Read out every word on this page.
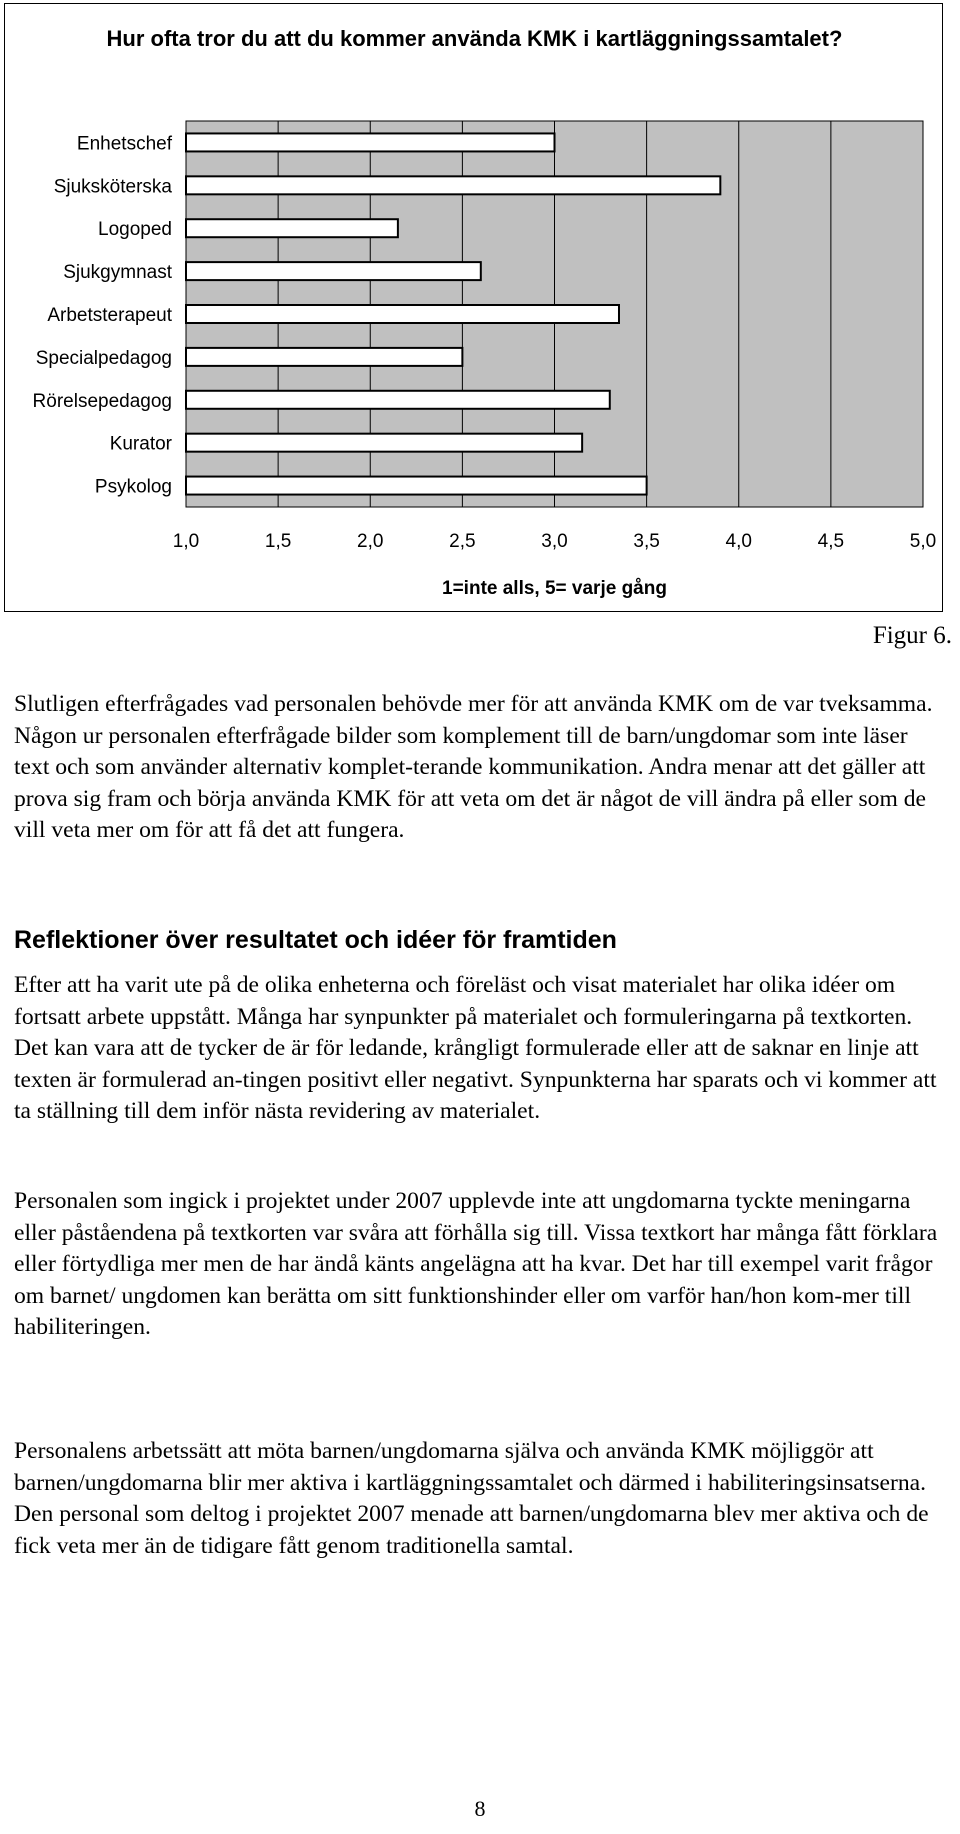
Hur ofta tror du att du kommer använda KMK i kartläggningssamtalet?
Enhetschef
Sjuksköterska
Logoped
Sjukgymnast
Arbetsterapeut
Specialpedagog
Rörelsepedagog
Kurator
Psykolog
1,0	1,5	2,0	2,5	3,0	3,5	4,0	4,5	5,0
1=inte alls, 5= varje gång
Figur 6.

Slutligen efterfrågades vad personalen behövde mer för att använda KMK om de var tveksamma. Någon ur personalen efterfrågade bilder som komplement till de barn/ungdomar som inte läser text och som använder alternativ komplet-terande kommunikation. Andra menar att det gäller att prova sig fram och börja använda KMK för att veta om det är något de vill ändra på eller som de vill veta mer om för att få det att fungera.

Reflektioner över resultatet och idéer för framtiden

Efter att ha varit ute på de olika enheterna och föreläst och visat materialet har olika idéer om fortsatt arbete uppstått. Många har synpunkter på materialet och formuleringarna på textkorten. Det kan vara att de tycker de är för ledande, krångligt formulerade eller att de saknar en linje att texten är formulerad an-tingen positivt eller negativt. Synpunkterna har sparats och vi kommer att ta ställning till dem inför nästa revidering av materialet.

Personalen som ingick i projektet under 2007 upplevde inte att ungdomarna tyckte meningarna eller påståendena på textkorten var svåra att förhålla sig till. Vissa textkort har många fått förklara eller förtydliga mer men de har ändå känts angelägna att ha kvar. Det har till exempel varit frågor om barnet/ ungdomen kan berätta om sitt funktionshinder eller om varför han/hon kom-mer till habiliteringen.

Personalens arbetssätt att möta barnen/ungdomarna själva och använda KMK möjliggör att barnen/ungdomarna blir mer aktiva i kartläggningssamtalet och därmed i habiliteringsinsatserna. Den personal som deltog i projektet 2007 menade att barnen/ungdomarna blev mer aktiva och de fick veta mer än de tidigare fått genom traditionella samtal.

8
